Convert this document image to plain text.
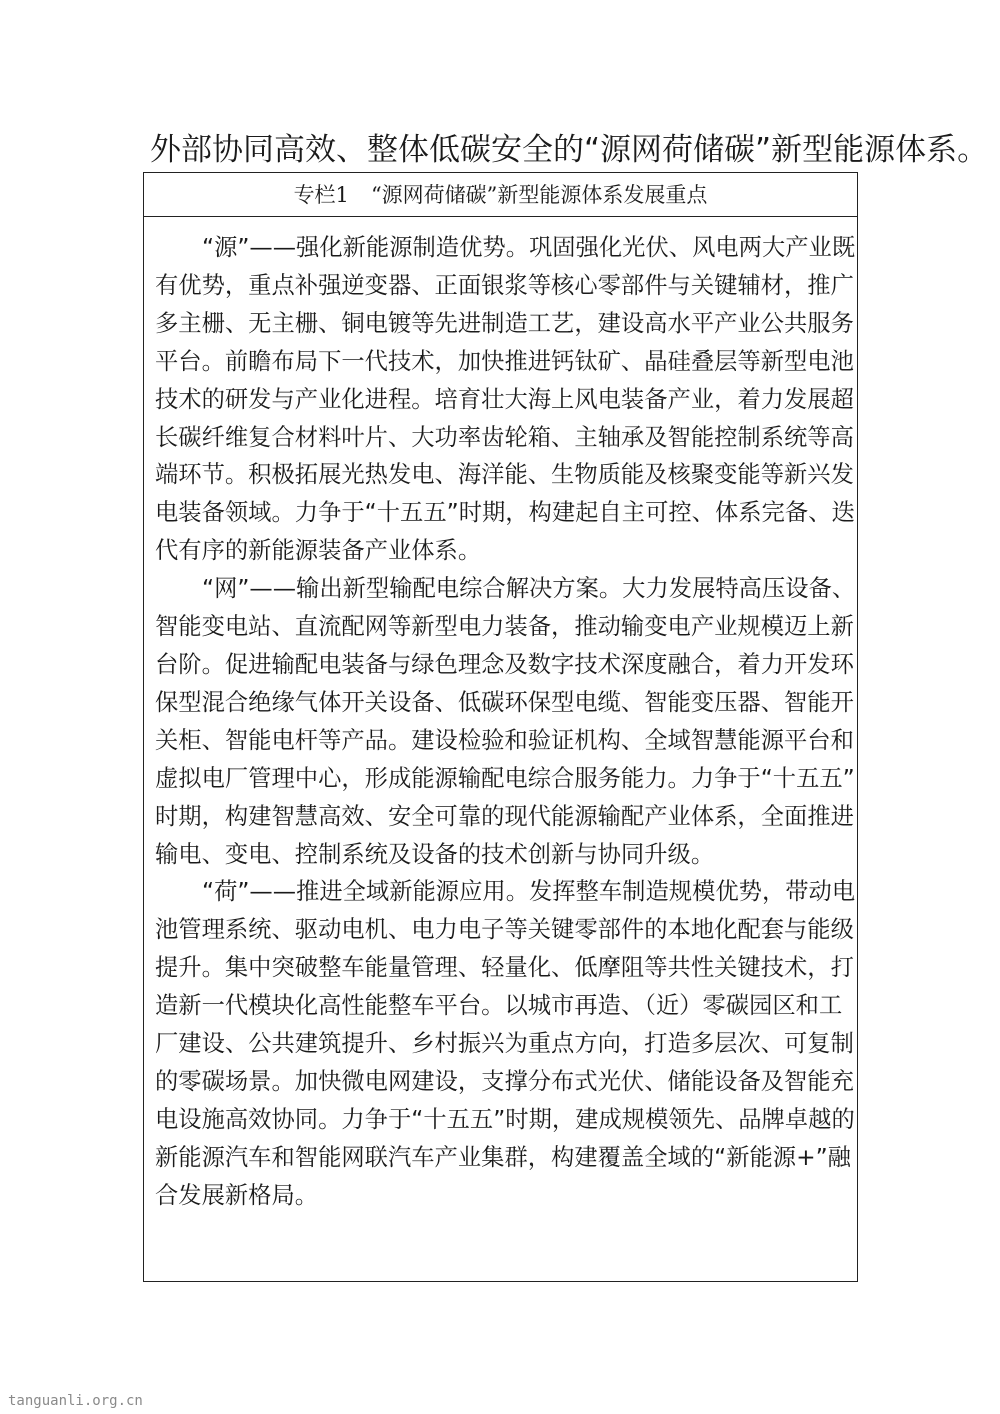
外部协同高效、整体低碳安全的“源网荷储碳”新型能源体系。
专栏1 “源网荷储碳”新型能源体系发展重点

“源”——强化新能源制造优势。巩固强化光伏、风电两大产业既
有优势，重点补强逆变器、正面银浆等核心零部件与关键辅材，推广
多主栅、无主栅、铜电镀等先进制造工艺，建设高水平产业公共服务
平台。前瞻布局下一代技术，加快推进钙钛矿、晶硅叠层等新型电池
技术的研发与产业化进程。培育壮大海上风电装备产业，着力发展超
长碳纤维复合材料叶片、大功率齿轮箱、主轴承及智能控制系统等高
端环节。积极拓展光热发电、海洋能、生物质能及核聚变能等新兴发
电装备领域。力争于“十五五”时期，构建起自主可控、体系完备、迭
代有序的新能源装备产业体系。

“网”——输出新型输配电综合解决方案。大力发展特高压设备、
智能变电站、直流配网等新型电力装备，推动输变电产业规模迈上新
台阶。促进输配电装备与绿色理念及数字技术深度融合，着力开发环
保型混合绝缘气体开关设备、低碳环保型电缆、智能变压器、智能开
关柜、智能电杆等产品。建设检验和验证机构、全域智慧能源平台和
虚拟电厂管理中心，形成能源输配电综合服务能力。力争于“十五五”
时期，构建智慧高效、安全可靠的现代能源输配产业体系，全面推进
输电、变电、控制系统及设备的技术创新与协同升级。

“荷”——推进全域新能源应用。发挥整车制造规模优势，带动电
池管理系统、驱动电机、电力电子等关键零部件的本地化配套与能级
提升。集中突破整车能量管理、轻量化、低摩阻等共性关键技术，打
造新一代模块化高性能整车平台。以城市再造、（近）零碳园区和工
厂建设、公共建筑提升、乡村振兴为重点方向，打造多层次、可复制
的零碳场景。加快微电网建设，支撑分布式光伏、储能设备及智能充
电设施高效协同。力争于“十五五”时期，建成规模领先、品牌卓越的
新能源汽车和智能网联汽车产业集群，构建覆盖全域的“新能源+”融
合发展新格局。

tanguanli.org.cn
